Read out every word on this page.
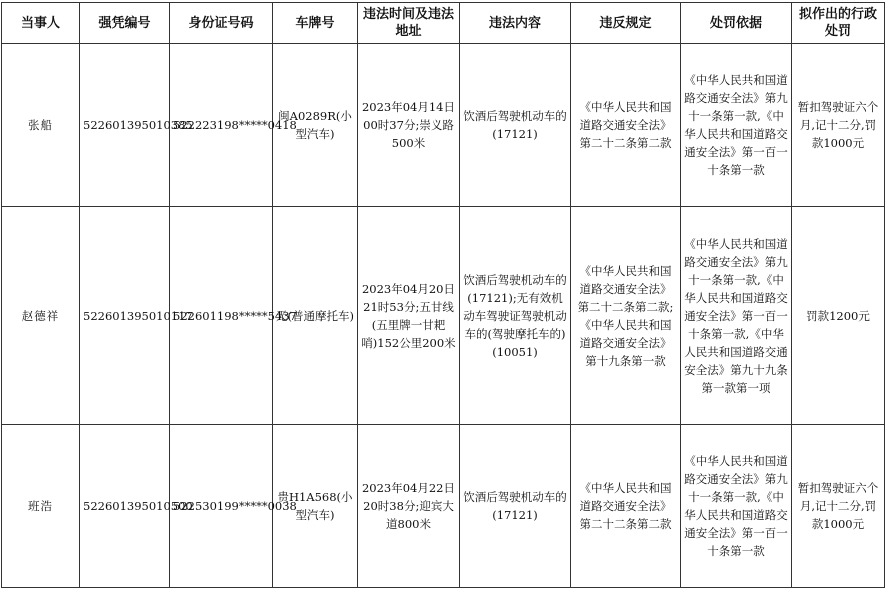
当事人	强凭编号	身份证号码	车牌号	违法时间及违法地址	违法内容	违反规定	处罚依据	拟作出的行政处罚
张船	522601395010385	522223198*****0418	闽A0289R(小型汽车)	2023年04月14日00时37分;崇义路500米	饮酒后驾驶机动车的(17121)	《中华人民共和国道路交通安全法》第二十二条第二款	《中华人民共和国道路交通安全法》第九十一条第一款,《中华人民共和国道路交通安全法》第一百一十条第一款	暂扣驾驶证六个月,记十二分,罚款1000元
赵德祥	522601395010117	522601198*****5437	无(普通摩托车)	2023年04月20日21时53分;五甘线(五里牌一甘耙哨)152公里200米	饮酒后驾驶机动车的(17121);无有效机动车驾驶证驾驶机动车的(驾驶摩托车的)(10051)	《中华人民共和国道路交通安全法》第二十二条第二款;《中华人民共和国道路交通安全法》第十九条第一款	《中华人民共和国道路交通安全法》第九十一条第一款,《中华人民共和国道路交通安全法》第一百一十条第一款,《中华人民共和国道路交通安全法》第九十九条第一款第一项	罚款1200元
班浩	522601395010500	522530199*****0038	贵H1A568(小型汽车)	2023年04月22日20时38分;迎宾大道800米	饮酒后驾驶机动车的(17121)	《中华人民共和国道路交通安全法》第二十二条第二款	《中华人民共和国道路交通安全法》第九十一条第一款,《中华人民共和国道路交通安全法》第一百一十条第一款	暂扣驾驶证六个月,记十二分,罚款1000元
